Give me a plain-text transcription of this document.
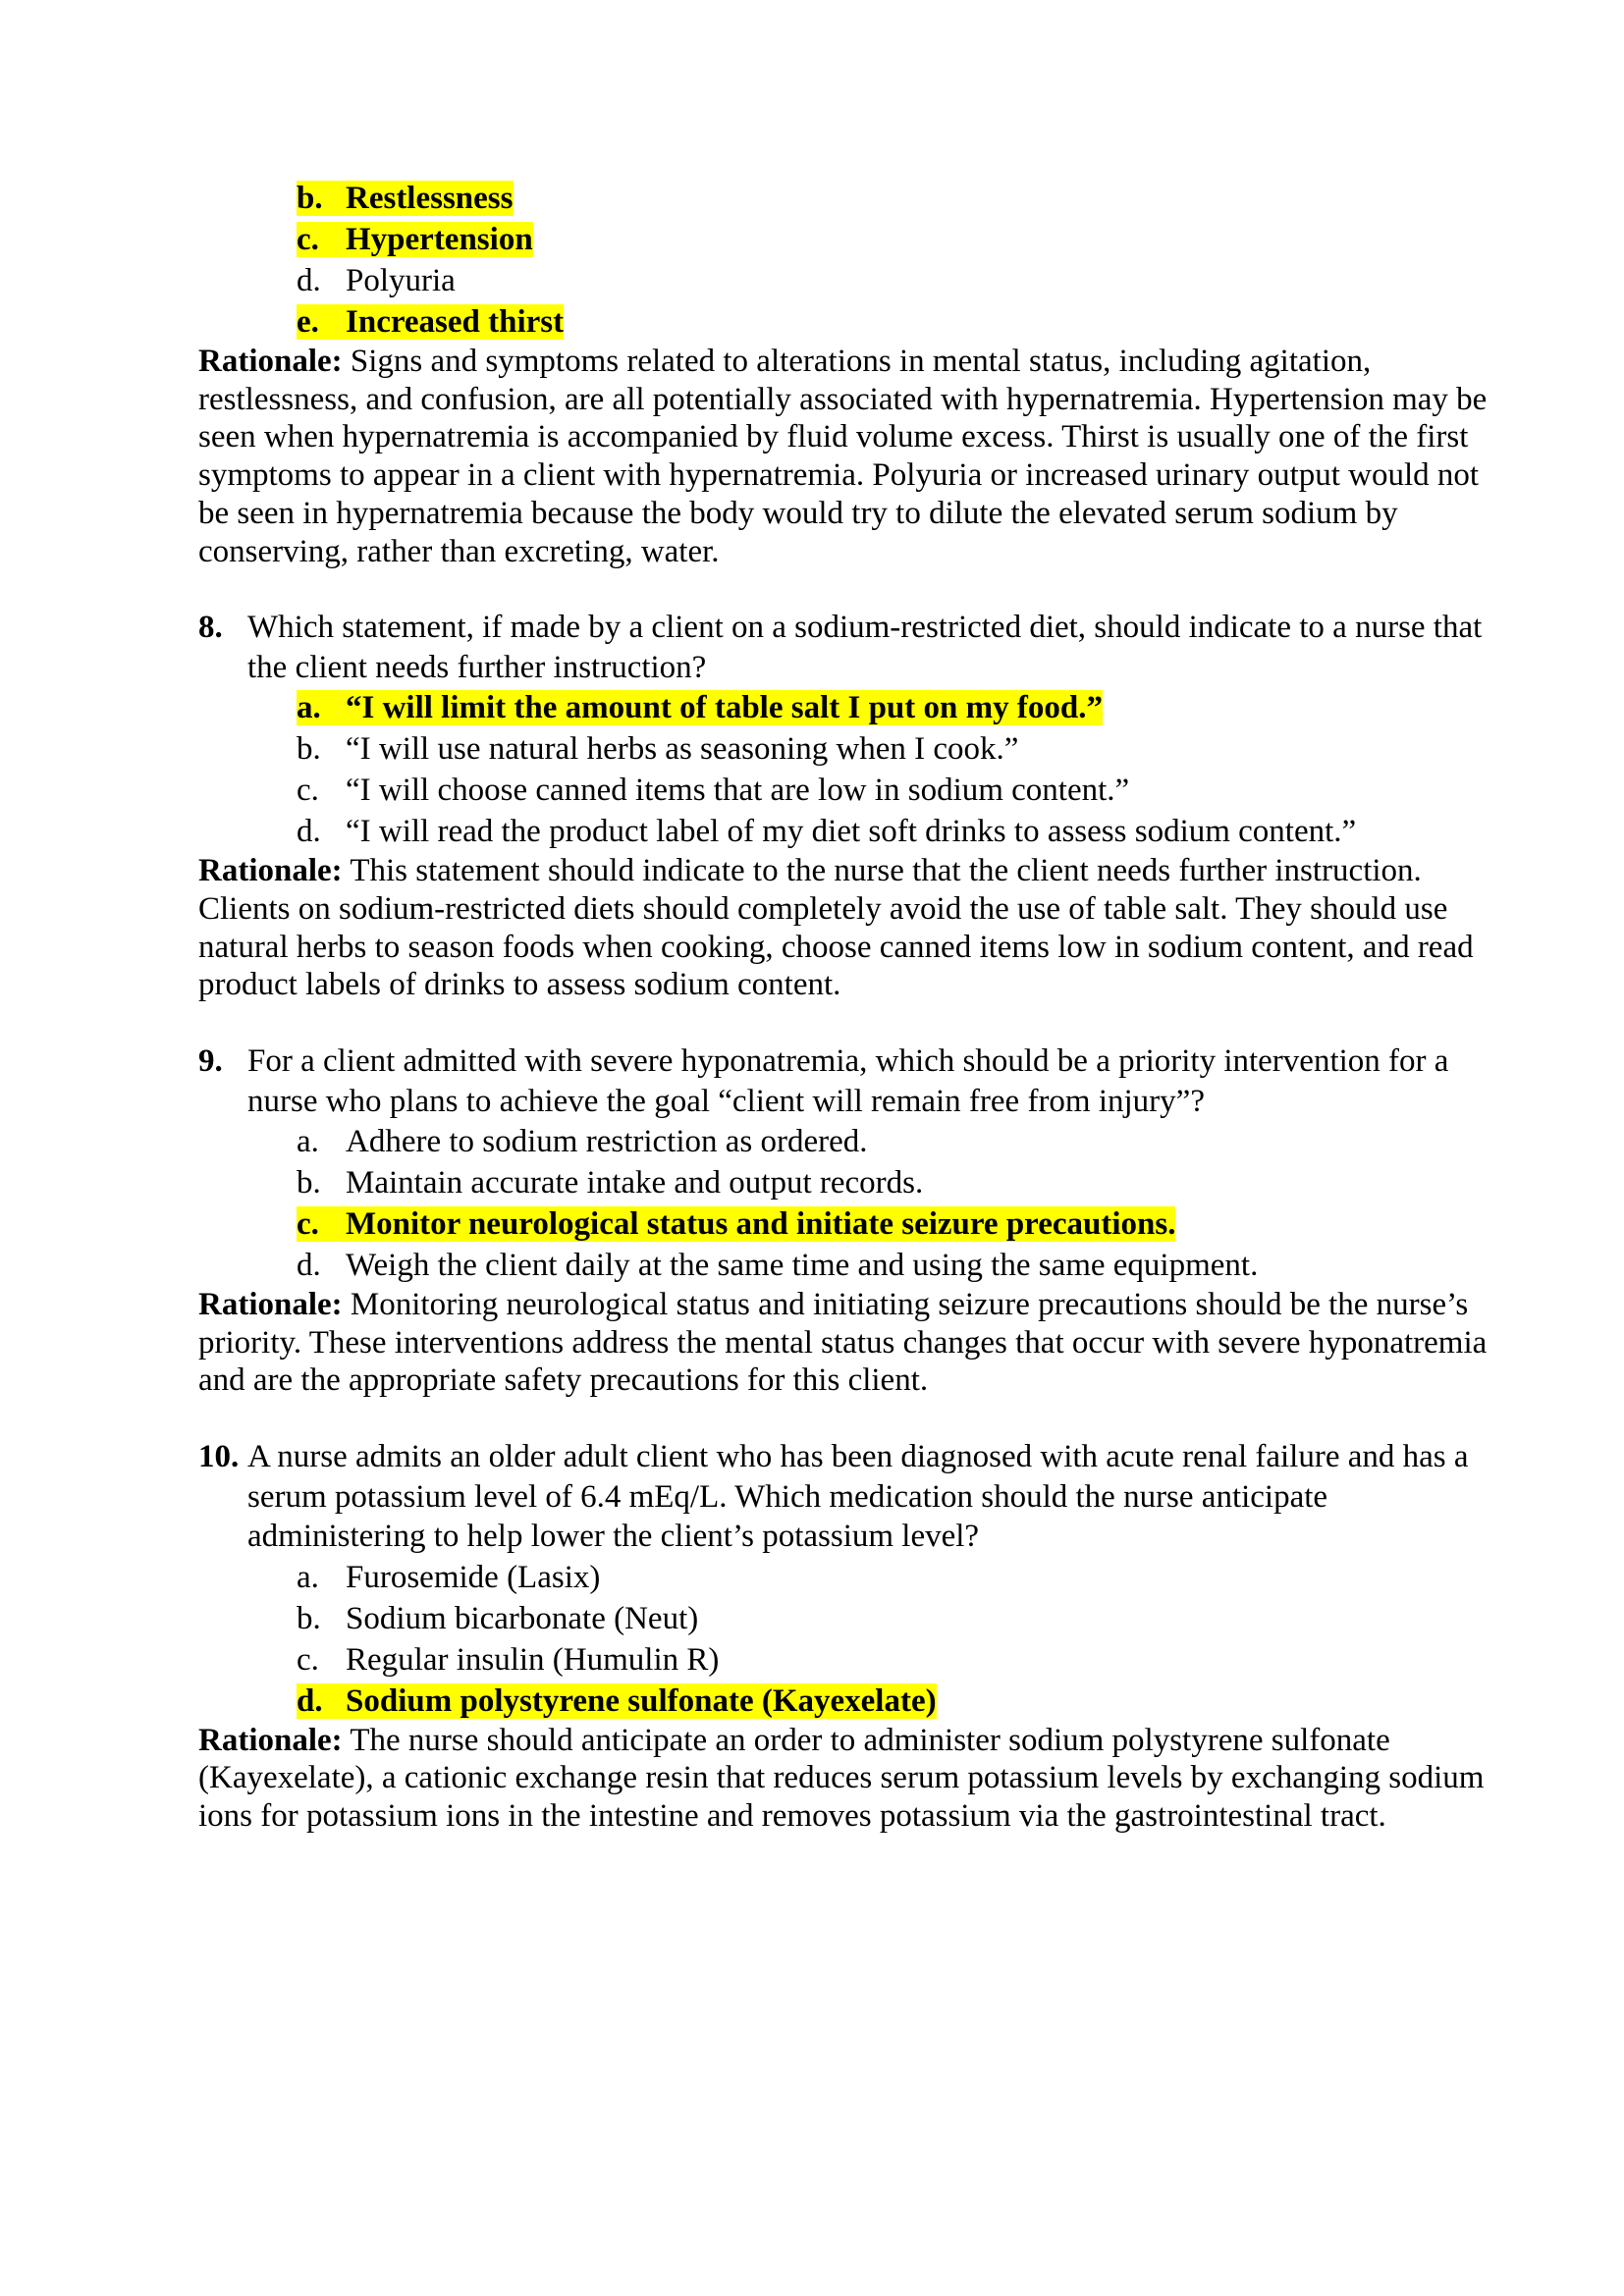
b. Restlessness
c. Hypertension
d. Polyuria
e. Increased thirst
Rationale: Signs and symptoms related to alterations in mental status, including agitation, restlessness, and confusion, are all potentially associated with hypernatremia. Hypertension may be seen when hypernatremia is accompanied by fluid volume excess. Thirst is usually one of the first symptoms to appear in a client with hypernatremia. Polyuria or increased urinary output would not be seen in hypernatremia because the body would try to dilute the elevated serum sodium by conserving, rather than excreting, water.
8. Which statement, if made by a client on a sodium-restricted diet, should indicate to a nurse that the client needs further instruction?
a. “I will limit the amount of table salt I put on my food.”
b. “I will use natural herbs as seasoning when I cook.”
c. “I will choose canned items that are low in sodium content.”
d. “I will read the product label of my diet soft drinks to assess sodium content.”
Rationale: This statement should indicate to the nurse that the client needs further instruction. Clients on sodium-restricted diets should completely avoid the use of table salt. They should use natural herbs to season foods when cooking, choose canned items low in sodium content, and read product labels of drinks to assess sodium content.
9. For a client admitted with severe hyponatremia, which should be a priority intervention for a nurse who plans to achieve the goal “client will remain free from injury”?
a. Adhere to sodium restriction as ordered.
b. Maintain accurate intake and output records.
c. Monitor neurological status and initiate seizure precautions.
d. Weigh the client daily at the same time and using the same equipment.
Rationale: Monitoring neurological status and initiating seizure precautions should be the nurse’s priority. These interventions address the mental status changes that occur with severe hyponatremia and are the appropriate safety precautions for this client.
10. A nurse admits an older adult client who has been diagnosed with acute renal failure and has a serum potassium level of 6.4 mEq/L. Which medication should the nurse anticipate administering to help lower the client’s potassium level?
a. Furosemide (Lasix)
b. Sodium bicarbonate (Neut)
c. Regular insulin (Humulin R)
d. Sodium polystyrene sulfonate (Kayexelate)
Rationale: The nurse should anticipate an order to administer sodium polystyrene sulfonate (Kayexelate), a cationic exchange resin that reduces serum potassium levels by exchanging sodium ions for potassium ions in the intestine and removes potassium via the gastrointestinal tract.
